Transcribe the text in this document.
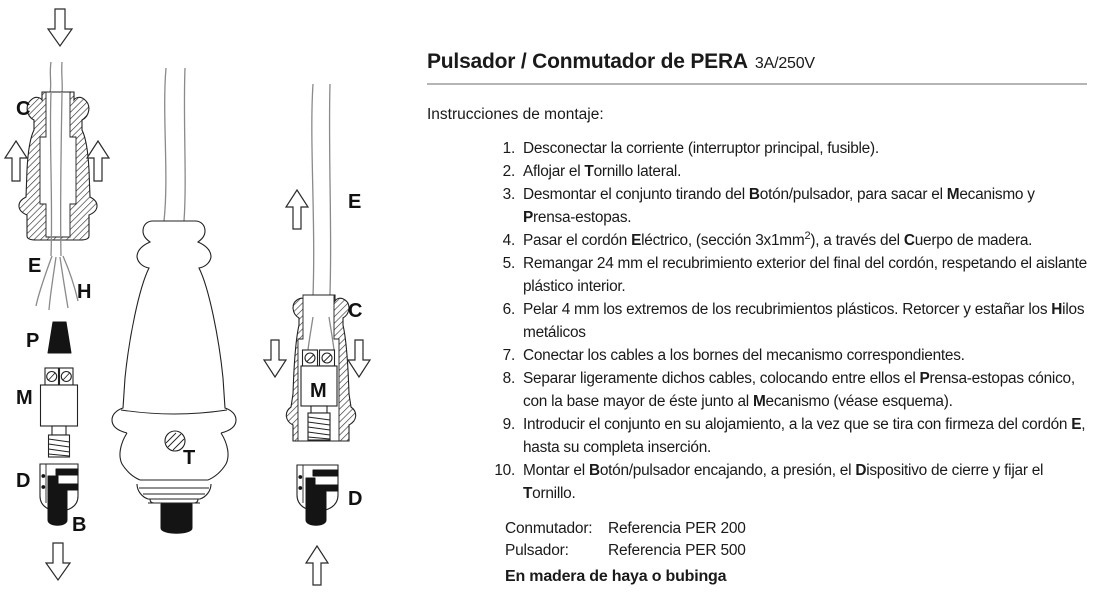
C
E
H
P
M
D
B
T
E
C
M
D
Pulsador / Conmutador de PERA 3A/250V
Instrucciones de montaje:
1. Desconectar la corriente (interruptor principal, fusible).
2. Aflojar el Tornillo lateral.
3. Desmontar el conjunto tirando del Botón/pulsador, para sacar el Mecanismo y Prensa-estopas.
4. Pasar el cordón Eléctrico, (sección $3x1mm^2$), a través del Cuerpo de madera.
5. Remangar 24 mm el recubrimiento exterior del final del cordón, respetando el aislante plástico interior.
6. Pelar 4 mm los extremos de los recubrimientos plásticos. Retorcer y estañar los Hilos metálicos
7. Conectar los cables a los bornes del mecanismo correspondientes.
8. Separar ligeramente dichos cables, colocando entre ellos el Prensa-estopas cónico, con la base mayor de éste junto al Mecanismo (véase esquema).
9. Introducir el conjunto en su alojamiento, a la vez que se tira con firmeza del cordón E, hasta su completa inserción.
10. Montar el Botón/pulsador encajando, a presión, el Dispositivo de cierre y fijar el Tornillo.
Conmutador: Referencia PER 200
Pulsador:	Referencia PER 500
En madera de haya o bubinga
